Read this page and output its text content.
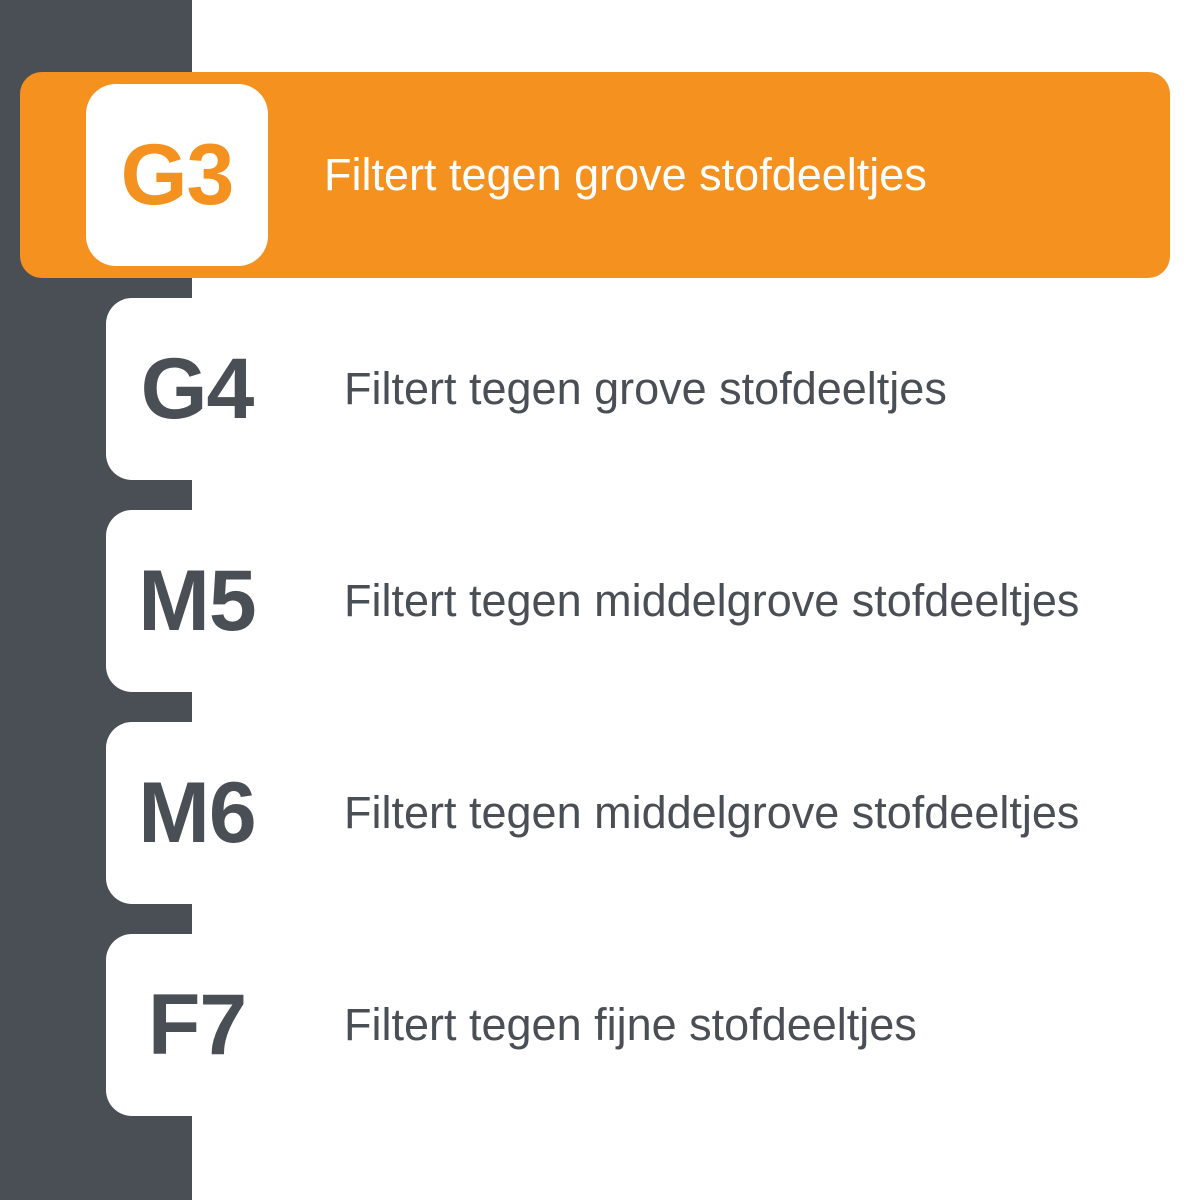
G3	Filtert tegen grove stofdeeltjes
G4	Filtert tegen grove stofdeeltjes
M5	Filtert tegen middelgrove stofdeeltjes
M6	Filtert tegen middelgrove stofdeeltjes
F7	Filtert tegen fijne stofdeeltjes
